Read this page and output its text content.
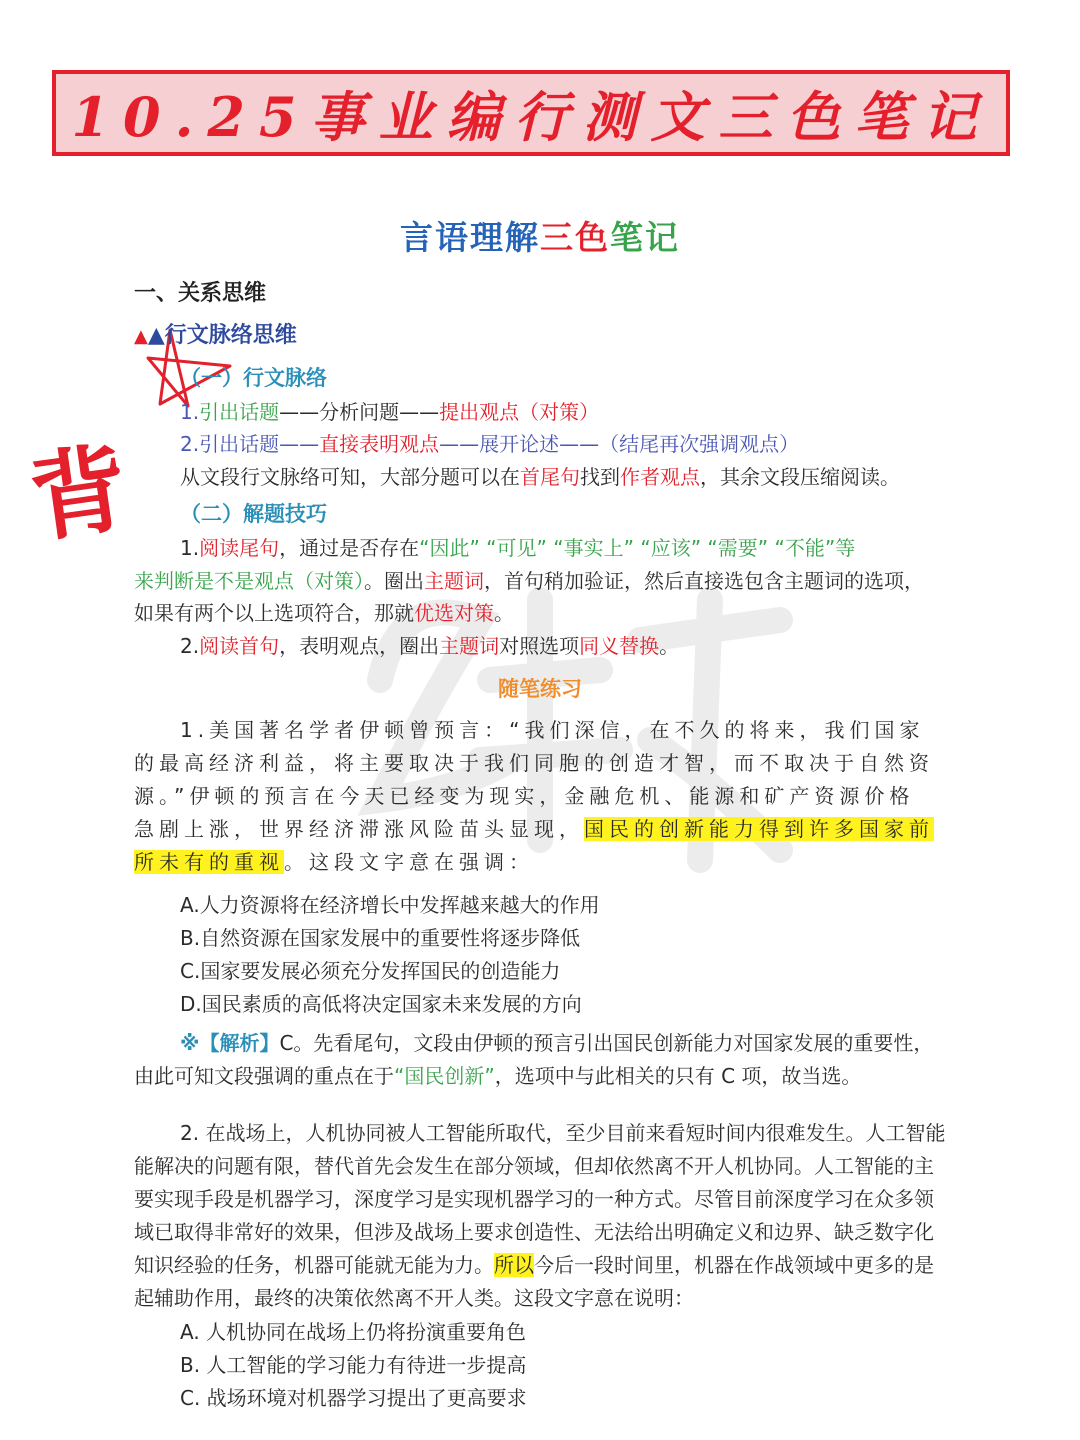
10.25事业编行测文三色笔记
言语理解三色笔记
背
一、关系思维
▲▲行文脉络思维
（一）行文脉络
1.引出话题——分析问题——提出观点（对策）
2.引出话题——直接表明观点——展开论述——（结尾再次强调观点）
从文段行文脉络可知，大部分题可以在首尾句找到作者观点，其余文段压缩阅读。
（二）解题技巧
1.阅读尾句，通过是否存在“因此” “可见” “事实上” “应该” “需要” “不能”等
来判断是不是观点（对策）。圈出主题词，首句稍加验证，然后直接选包含主题词的选项，
如果有两个以上选项符合，那就优选对策。
2.阅读首句，表明观点，圈出主题词对照选项同义替换。
随笔练习
1.美国著名学者伊顿曾预言：“我们深信，在不久的将来，我们国家
的最高经济利益，将主要取决于我们同胞的创造才智，而不取决于自然资
源。”伊顿的预言在今天已经变为现实，金融危机、能源和矿产资源价格
急剧上涨，世界经济滞涨风险苗头显现，国民的创新能力得到许多国家前
所未有的重视。这段文字意在强调：
A.人力资源将在经济增长中发挥越来越大的作用
B.自然资源在国家发展中的重要性将逐步降低
C.国家要发展必须充分发挥国民的创造能力
D.国民素质的高低将决定国家未来发展的方向
※【解析】C。先看尾句，文段由伊顿的预言引出国民创新能力对国家发展的重要性，
由此可知文段强调的重点在于“国民创新”，选项中与此相关的只有 C 项，故当选。
2. 在战场上，人机协同被人工智能所取代，至少目前来看短时间内很难发生。人工智能
能解决的问题有限，替代首先会发生在部分领域，但却依然离不开人机协同。人工智能的主
要实现手段是机器学习，深度学习是实现机器学习的一种方式。尽管目前深度学习在众多领
域已取得非常好的效果，但涉及战场上要求创造性、无法给出明确定义和边界、缺乏数字化
知识经验的任务，机器可能就无能为力。所以今后一段时间里，机器在作战领域中更多的是
起辅助作用，最终的决策依然离不开人类。这段文字意在说明：
A. 人机协同在战场上仍将扮演重要角色
B. 人工智能的学习能力有待进一步提高
C. 战场环境对机器学习提出了更高要求
